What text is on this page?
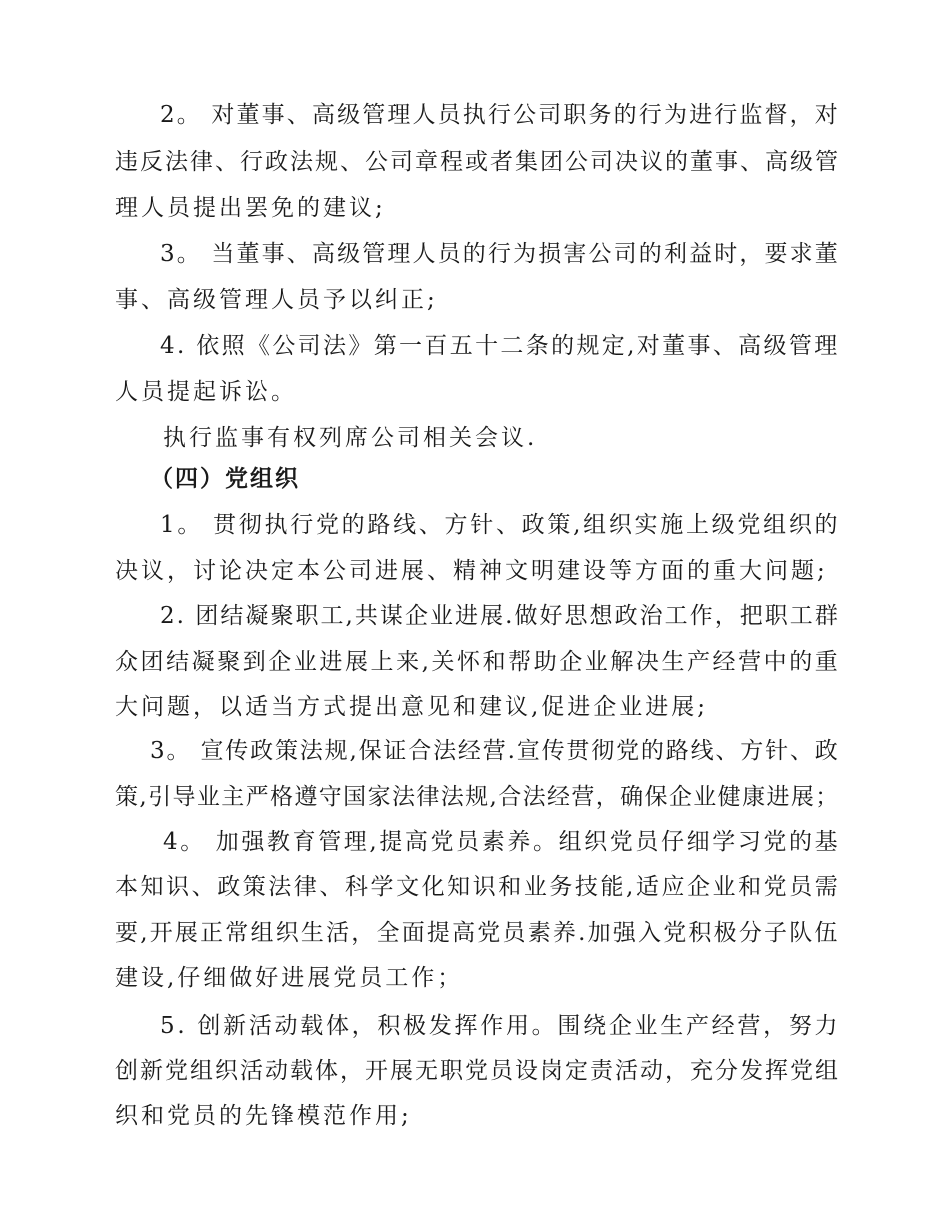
2。 对董事、高级管理人员执行公司职务的行为进行监督，对
违反法律、行政法规、公司章程或者集团公司决议的董事、高级管
理人员提出罢免的建议;
3。 当董事、高级管理人员的行为损害公司的利益时，要求董
事、高级管理人员予以纠正;
4. 依照《公司法》第一百五十二条的规定,对董事、高级管理
人员提起诉讼。
执行监事有权列席公司相关会议.
（四）党组织
1。 贯彻执行党的路线、方针、政策,组织实施上级党组织的
决议，讨论决定本公司进展、精神文明建设等方面的重大问题;
2. 团结凝聚职工,共谋企业进展.做好思想政治工作，把职工群
众团结凝聚到企业进展上来,关怀和帮助企业解决生产经营中的重
大问题，以适当方式提出意见和建议,促进企业进展;
3。 宣传政策法规,保证合法经营.宣传贯彻党的路线、方针、政
策,引导业主严格遵守国家法律法规,合法经营，确保企业健康进展；
4。 加强教育管理,提高党员素养。组织党员仔细学习党的基
本知识、政策法律、科学文化知识和业务技能,适应企业和党员需
要,开展正常组织生活，全面提高党员素养.加强入党积极分子队伍
建设,仔细做好进展党员工作；
5. 创新活动载体，积极发挥作用。围绕企业生产经营，努力
创新党组织活动载体，开展无职党员设岗定责活动，充分发挥党组
织和党员的先锋模范作用;
